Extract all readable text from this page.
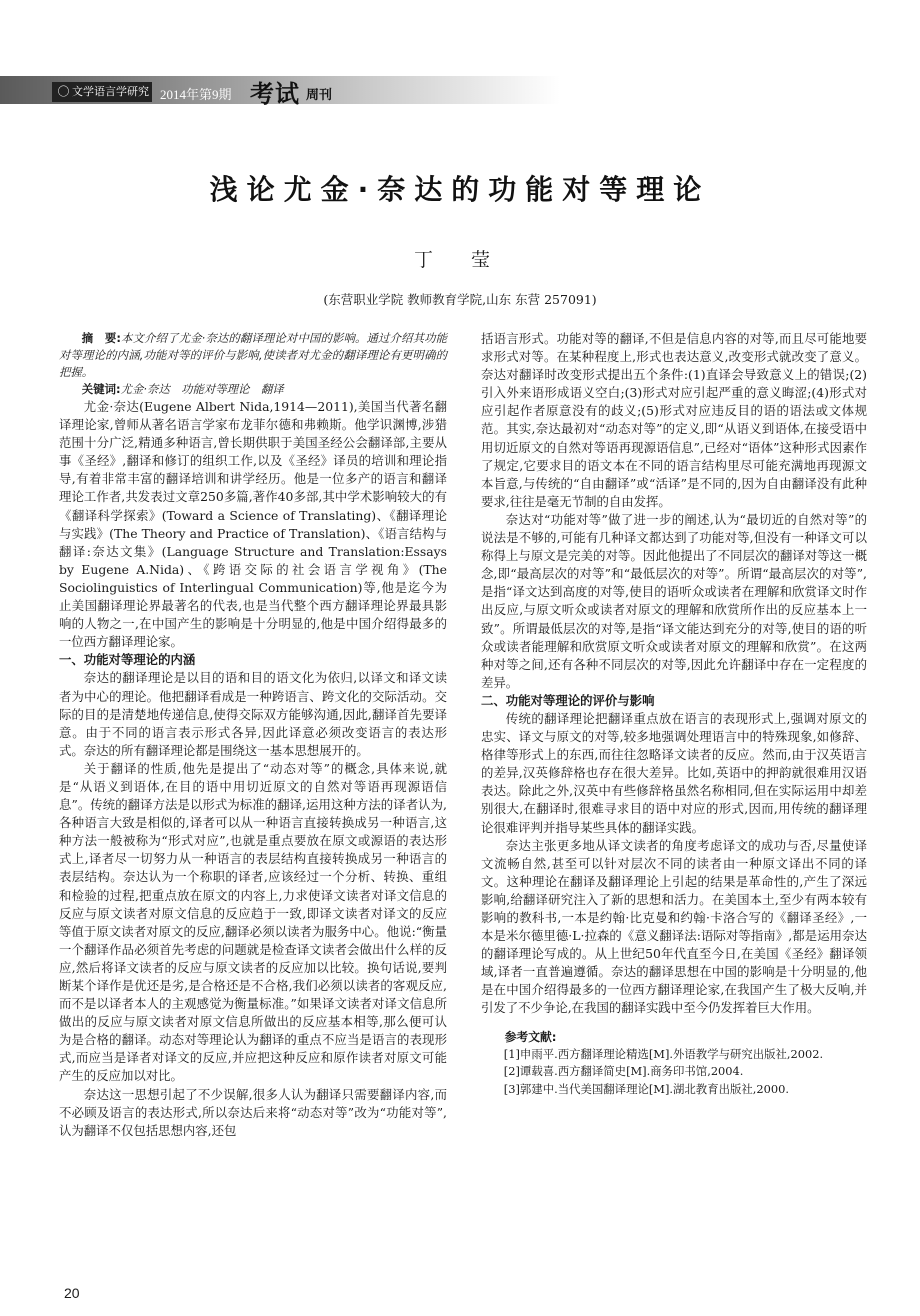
◯ 文学语言学研究 2014年第9期 考试 周刊
浅论尤金·奈达的功能对等理论
丁 莹
(东营职业学院 教师教育学院,山东 东营 257091)

摘　要:本文介绍了尤金·奈达的翻译理论对中国的影响。通过介绍其功能对等理论的内涵,功能对等的评价与影响,使读者对尤金的翻译理论有更明确的把握。

关键词:尤金·奈达　功能对等理论　翻译

尤金·奈达(Eugene Albert Nida,1914—2011),美国当代著名翻译理论家,曾师从著名语言学家布龙菲尔德和弗赖斯。他学识渊博,涉猎范围十分广泛,精通多种语言,曾长期供职于美国圣经公会翻译部,主要从事《圣经》,翻译和修订的组织工作,以及《圣经》译员的培训和理论指导,有着非常丰富的翻译培训和讲学经历。他是一位多产的语言和翻译理论工作者,共发表过文章250多篇,著作40多部,其中学术影响较大的有《翻译科学探索》(Toward a Science of Translating)、《翻译理论与实践》(The Theory and Practice of Translation)、《语言结构与翻译:奈达文集》(Language Structure and Translation:Essays by Eugene A.Nida)、《跨语交际的社会语言学视角》(The Sociolinguistics of Interlingual Communication)等,他是迄今为止美国翻译理论界最著名的代表,也是当代整个西方翻译理论界最具影响的人物之一,在中国产生的影响是十分明显的,他是中国介绍得最多的一位西方翻译理论家。

一、功能对等理论的内涵

奈达的翻译理论是以目的语和目的语文化为依归,以译文和译文读者为中心的理论。他把翻译看成是一种跨语言、跨文化的交际活动。交际的目的是清楚地传递信息,使得交际双方能够沟通,因此,翻译首先要译意。由于不同的语言表示形式各异,因此译意必须改变语言的表达形式。奈达的所有翻译理论都是围绕这一基本思想展开的。

关于翻译的性质,他先是提出了“动态对等”的概念,具体来说,就是“从语义到语体,在目的语中用切近原文的自然对等语再现源语信息”。传统的翻译方法是以形式为标准的翻译,运用这种方法的译者认为,各种语言大致是相似的,译者可以从一种语言直接转换成另一种语言,这种方法一般被称为“形式对应”,也就是重点要放在原文或源语的表达形式上,译者尽一切努力从一种语言的表层结构直接转换成另一种语言的表层结构。奈达认为一个称职的译者,应该经过一个分析、转换、重组和检验的过程,把重点放在原文的内容上,力求使译文读者对译文信息的反应与原文读者对原文信息的反应趋于一致,即译文读者对译文的反应等值于原文读者对原文的反应,翻译必须以读者为服务中心。他说:“衡量一个翻译作品必须首先考虑的问题就是检查译文读者会做出什么样的反应,然后将译文读者的反应与原文读者的反应加以比较。换句话说,要判断某个译作是优还是劣,是合格还是不合格,我们必须以读者的客观反应,而不是以译者本人的主观感觉为衡量标准。”如果译文读者对译文信息所做出的反应与原文读者对原文信息所做出的反应基本相等,那么便可认为是合格的翻译。动态对等理论认为翻译的重点不应当是语言的表现形式,而应当是译者对译文的反应,并应把这种反应和原作读者对原文可能产生的反应加以对比。

奈达这一思想引起了不少误解,很多人认为翻译只需要翻译内容,而不必顾及语言的表达形式,所以奈达后来将“动态对等”改为“功能对等”,认为翻译不仅包括思想内容,还包

括语言形式。功能对等的翻译,不但是信息内容的对等,而且尽可能地要求形式对等。在某种程度上,形式也表达意义,改变形式就改变了意义。奈达对翻译时改变形式提出五个条件:(1)直译会导致意义上的错误;(2)引入外来语形成语义空白;(3)形式对应引起严重的意义晦涩;(4)形式对应引起作者原意没有的歧义;(5)形式对应违反目的语的语法或文体规范。其实,奈达最初对“动态对等”的定义,即“从语义到语体,在接受语中用切近原文的自然对等语再现源语信息”,已经对“语体”这种形式因素作了规定,它要求目的语文本在不同的语言结构里尽可能充满地再现源文本旨意,与传统的“自由翻译”或“活译”是不同的,因为自由翻译没有此种要求,往往是毫无节制的自由发挥。

奈达对“功能对等”做了进一步的阐述,认为“最切近的自然对等”的说法是不够的,可能有几种译文都达到了功能对等,但没有一种译文可以称得上与原文是完美的对等。因此他提出了不同层次的翻译对等这一概念,即“最高层次的对等”和“最低层次的对等”。所谓“最高层次的对等”,是指“译文达到高度的对等,使目的语听众或读者在理解和欣赏译文时作出反应,与原文听众或读者对原文的理解和欣赏所作出的反应基本上一致”。所谓最低层次的对等,是指“译文能达到充分的对等,使目的语的听众或读者能理解和欣赏原文听众或读者对原文的理解和欣赏”。在这两种对等之间,还有各种不同层次的对等,因此允许翻译中存在一定程度的差异。

二、功能对等理论的评价与影响

传统的翻译理论把翻译重点放在语言的表现形式上,强调对原文的忠实、译文与原文的对等,较多地强调处理语言中的特殊现象,如修辞、格律等形式上的东西,而往往忽略译文读者的反应。然而,由于汉英语言的差异,汉英修辞格也存在很大差异。比如,英语中的押韵就很难用汉语表达。除此之外,汉英中有些修辞格虽然名称相同,但在实际运用中却差别很大,在翻译时,很难寻求目的语中对应的形式,因而,用传统的翻译理论很难评判并指导某些具体的翻译实践。

奈达主张更多地从译文读者的角度考虑译文的成功与否,尽量使译文流畅自然,甚至可以针对层次不同的读者由一种原文译出不同的译文。这种理论在翻译及翻译理论上引起的结果是革命性的,产生了深远影响,给翻译研究注入了新的思想和活力。在美国本土,至少有两本较有影响的教科书,一本是约翰·比克曼和约翰·卡洛合写的《翻译圣经》,一本是米尔德里德·L·拉森的《意义翻译法:语际对等指南》,都是运用奈达的翻译理论写成的。从上世纪50年代直至今日,在美国《圣经》翻译领域,译者一直普遍遵循。奈达的翻译思想在中国的影响是十分明显的,他是在中国介绍得最多的一位西方翻译理论家,在我国产生了极大反响,并引发了不少争论,在我国的翻译实践中至今仍发挥着巨大作用。

参考文献:

[1]申雨平.西方翻译理论精选[M].外语教学与研究出版社,2002.

[2]谭载喜.西方翻译简史[M].商务印书馆,2004.

[3]郭建中.当代美国翻译理论[M].湖北教育出版社,2000.

20
